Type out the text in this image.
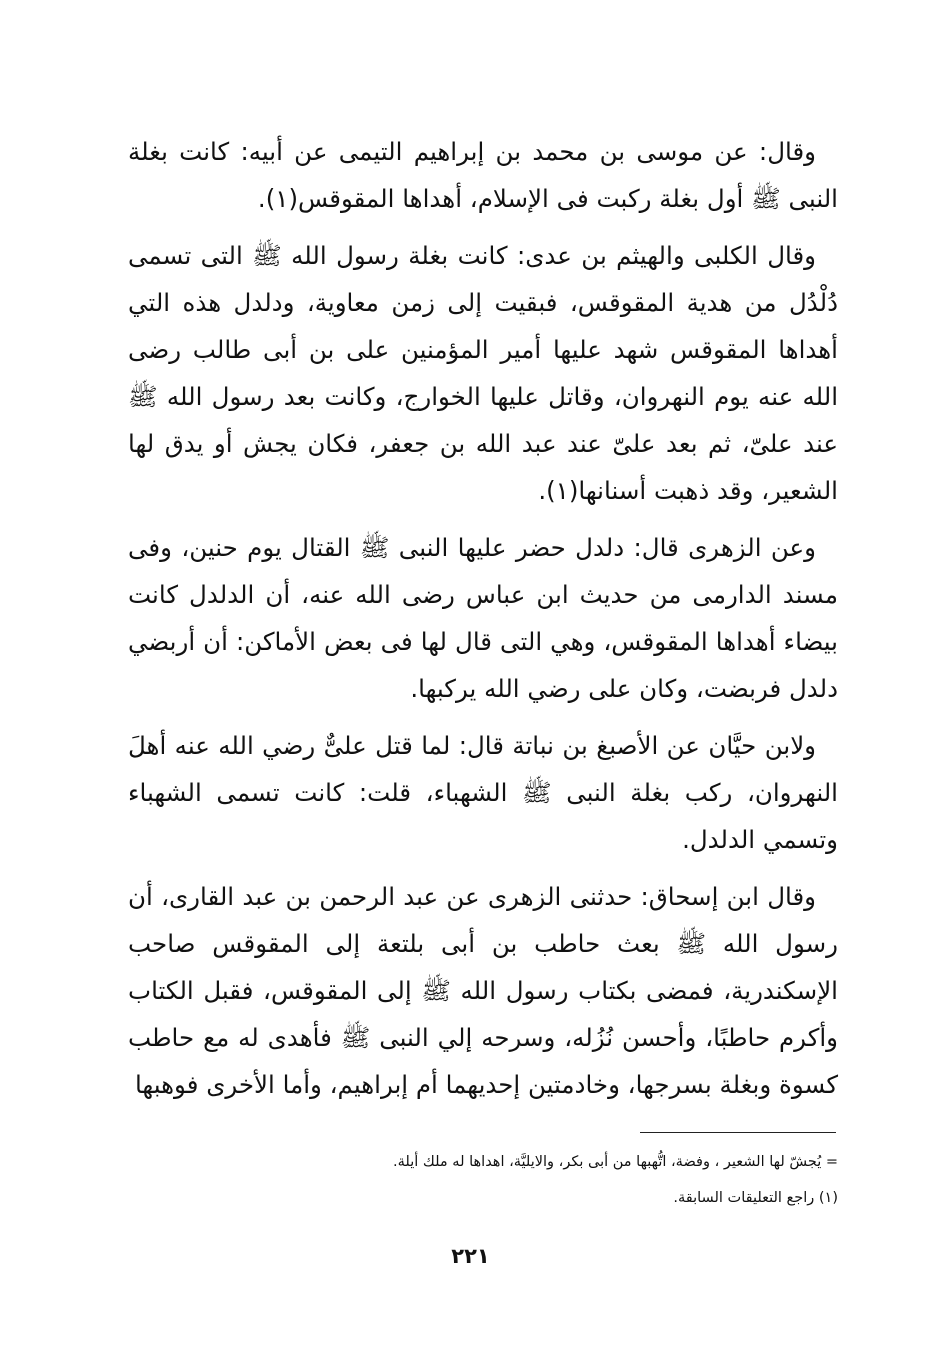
وقال: عن موسى بن محمد بن إبراهيم التيمى عن أبيه: كانت بغلة النبى ﷺ أول بغلة ركبت فى الإسلام، أهداها المقوقس(١).

وقال الكلبى والهيثم بن عدى: كانت بغلة رسول الله ﷺ التى تسمى دُلْدُل من هدية المقوقس، فبقيت إلى زمن معاوية، ودلدل هذه التي أهداها المقوقس شهد عليها أمير المؤمنين على بن أبى طالب رضى الله عنه يوم النهروان، وقاتل عليها الخوارج، وكانت بعد رسول الله ﷺ عند علىّ، ثم بعد علىّ عند عبد الله بن جعفر، فكان يجش أو يدق لها الشعير، وقد ذهبت أسنانها(١).

وعن الزهرى قال: دلدل حضر عليها النبى ﷺ القتال يوم حنين، وفى مسند الدارمى من حديث ابن عباس رضى الله عنه، أن الدلدل كانت بيضاء أهداها المقوقس، وهي التى قال لها فى بعض الأماكن: أن أربضي دلدل فربضت، وكان على رضي الله يركبها.

ولابن حيَّان عن الأصبغ بن نباتة قال: لما قتل علىٌّ رضي الله عنه أهلَ النهروان، ركب بغلة النبى ﷺ الشهباء، قلت: كانت تسمى الشهباء وتسمي الدلدل.

وقال ابن إسحاق: حدثنى الزهرى عن عبد الرحمن بن عبد القارى، أن رسول الله ﷺ بعث حاطب بن أبى بلتعة إلى المقوقس صاحب الإسكندرية، فمضى بكتاب رسول الله ﷺ إلى المقوقس، فقبل الكتاب وأكرم حاطبًا، وأحسن نُزُله، وسرحه إلي النبى ﷺ فأهدى له مع حاطب كسوة وبغلة بسرجها، وخادمتين إحديهما أم إبراهيم، وأما الأخرى فوهبها

= يُجشّ لها الشعير ، وفضة، اتُّهبها من أبى بكر، والايليَّة، اهداها له ملك أيلة.

(١) راجع التعليقات السابقة.

٢٢١
